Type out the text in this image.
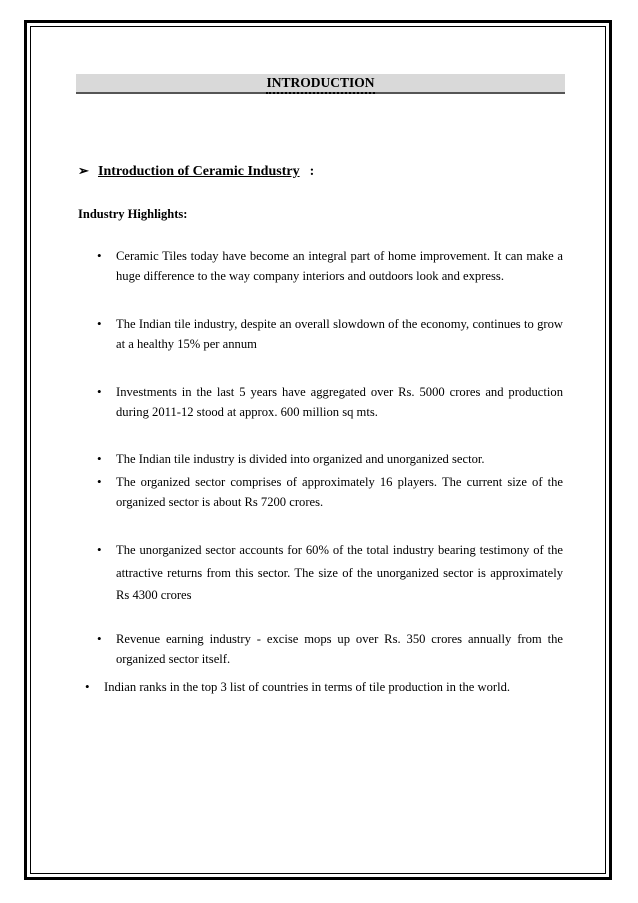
INTRODUCTION
➢ Introduction of Ceramic Industry :
Industry Highlights:
• Ceramic Tiles today have become an integral part of home improvement. It can make a huge difference to the way company interiors and outdoors look and express.

• The Indian tile industry, despite an overall slowdown of the economy, continues to grow at a healthy 15% per annum

• Investments in the last 5 years have aggregated over Rs. 5000 crores and production during 2011-12 stood at approx. 600 million sq mts.

• The Indian tile industry is divided into organized and unorganized sector.

• The organized sector comprises of approximately 16 players. The current size of the organized sector is about Rs 7200 crores.

• The unorganized sector accounts for 60% of the total industry bearing testimony of the attractive returns from this sector. The size of the unorganized sector is approximately Rs 4300 crores

• Revenue earning industry - excise mops up over Rs. 350 crores annually from the organized sector itself.

• Indian ranks in the top 3 list of countries in terms of tile production in the world.
